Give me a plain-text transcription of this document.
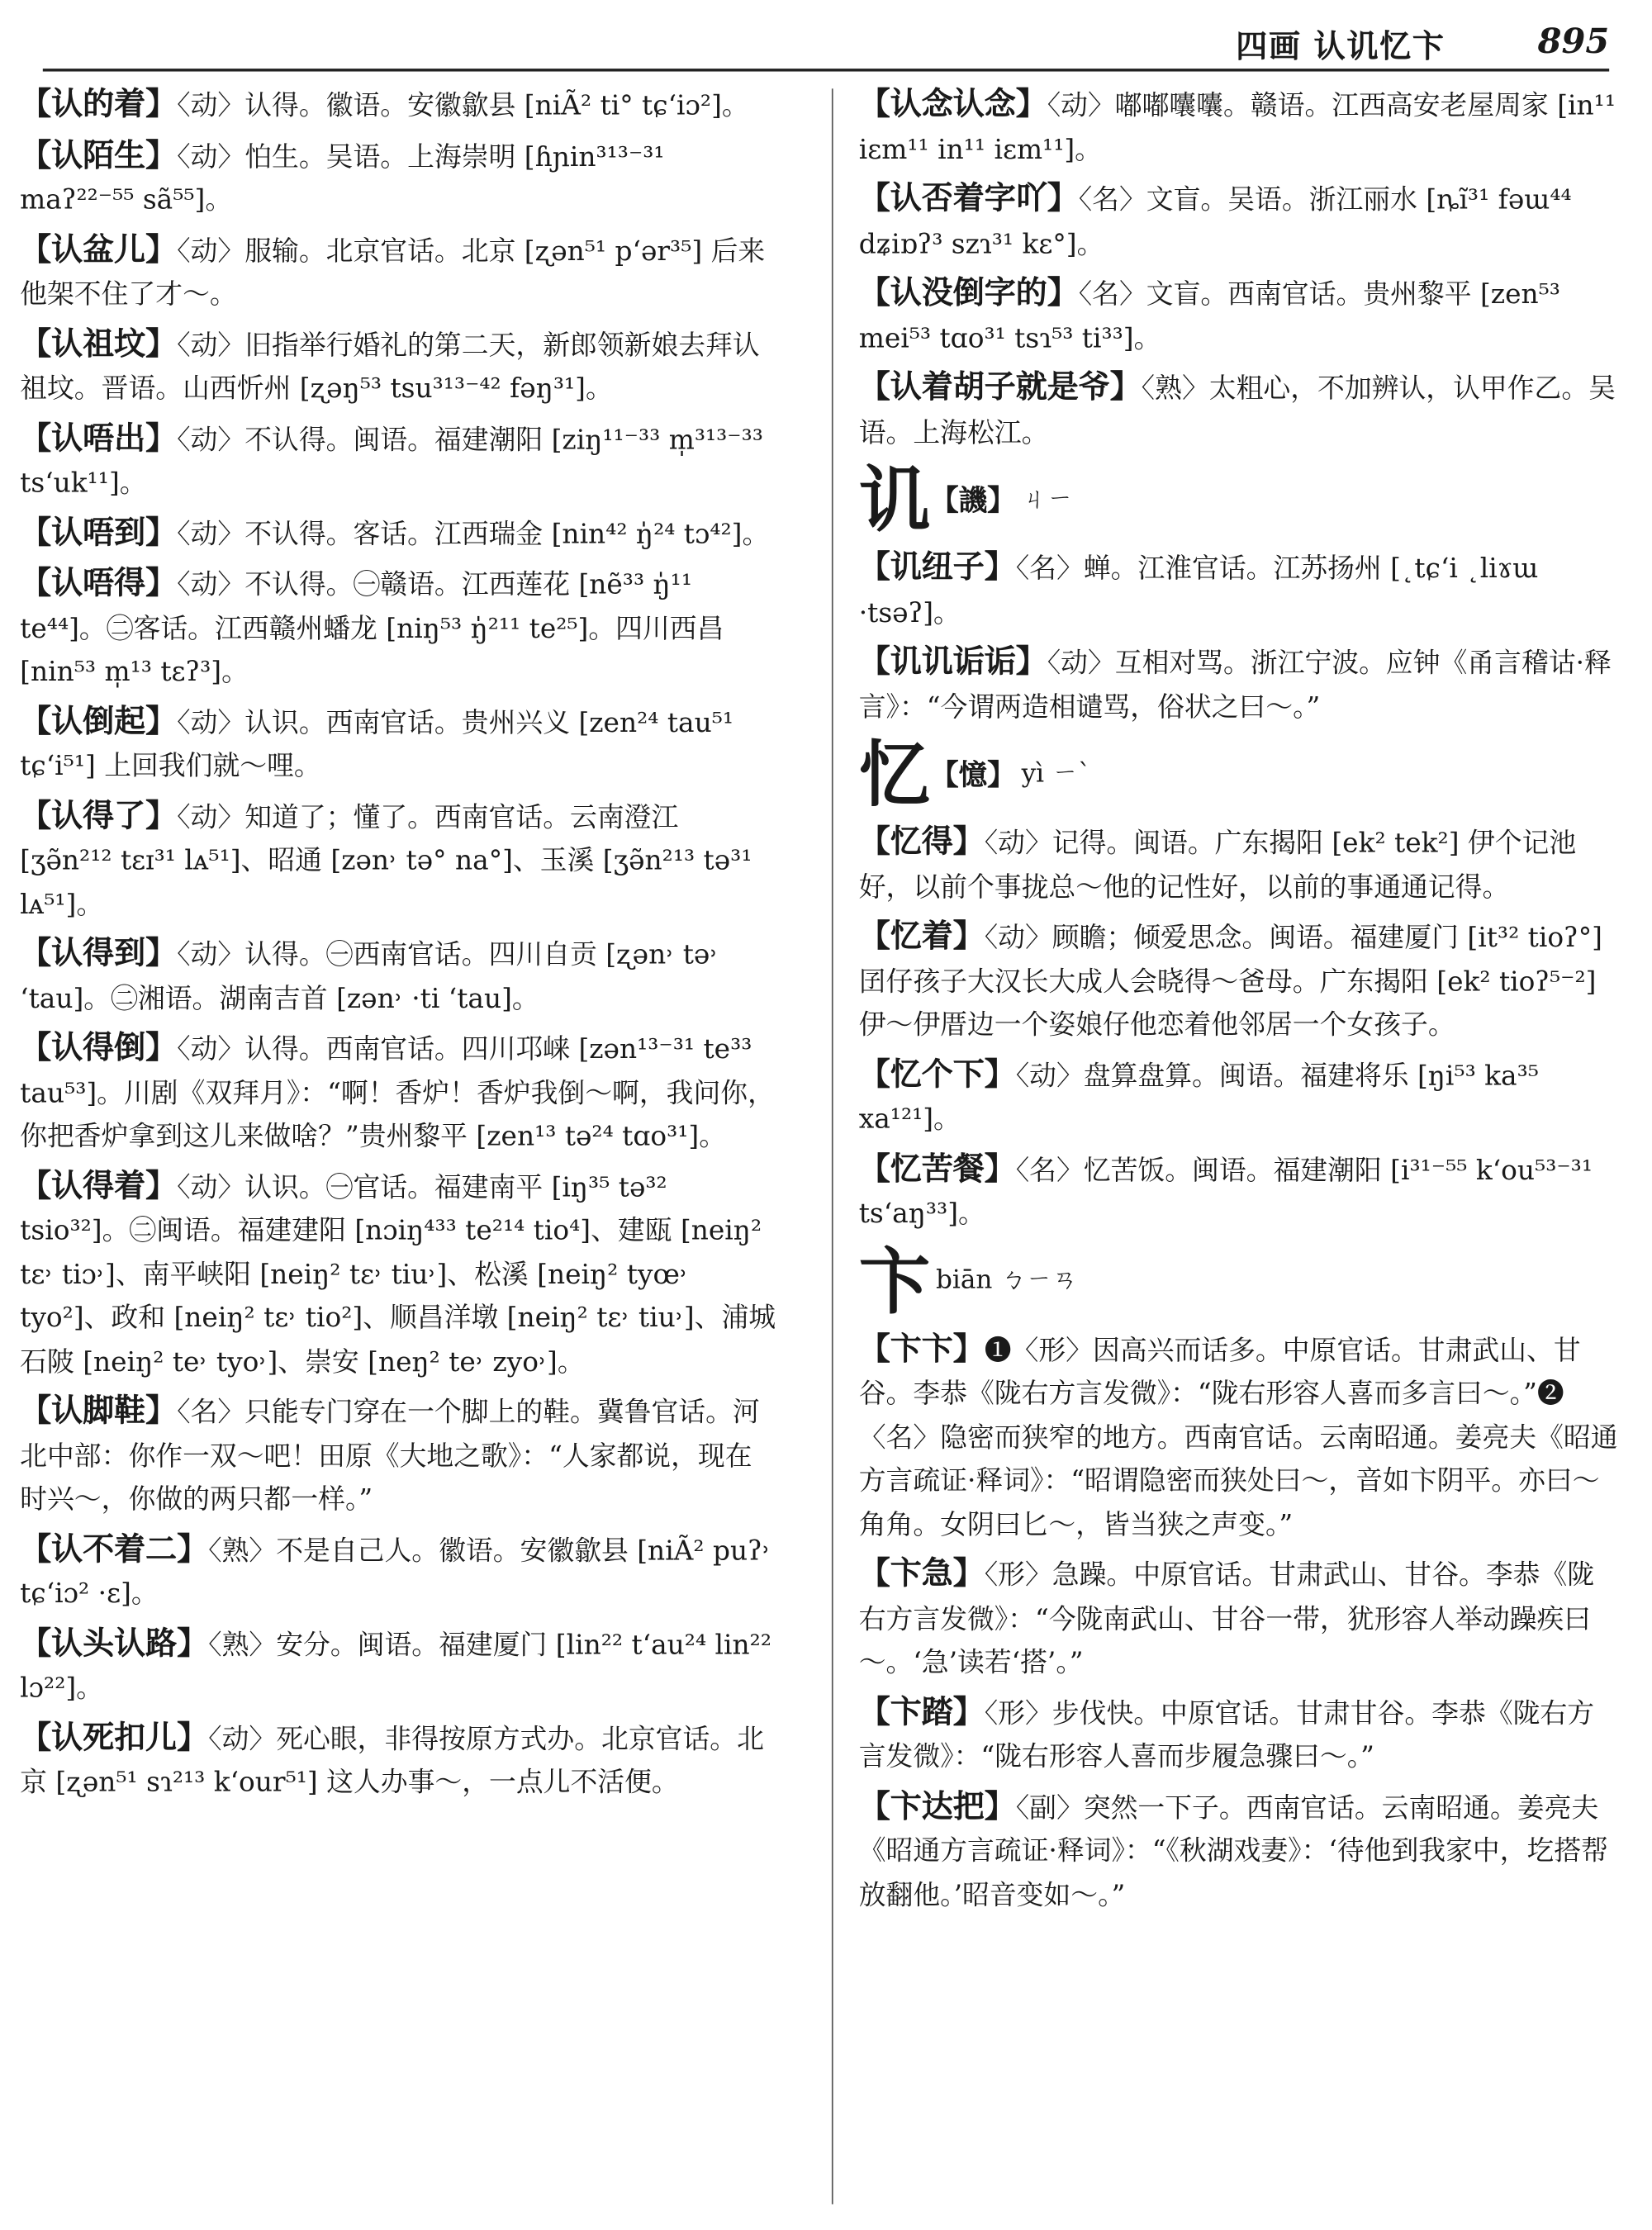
四画 认讥忆卞	895
【认的着】〈动〉认得。徽语。安徽歙县 [niÃ² ti° tɕ‘iɔ²]。
【认陌生】〈动〉怕生。吴语。上海崇明 [ɦɲin³¹³⁻³¹ maʔ²²⁻⁵⁵ sã⁵⁵]。
【认盆儿】〈动〉服输。北京官话。北京 [ʐən⁵¹ p‘ər³⁵] 后来他架不住了才～。
【认祖坟】〈动〉旧指举行婚礼的第二天，新郎领新娘去拜认祖坟。晋语。山西忻州 [ʐəŋ⁵³ tsu³¹³⁻⁴² fəŋ³¹]。
【认唔出】〈动〉不认得。闽语。福建潮阳 [ziŋ¹¹⁻³³ m̩³¹³⁻³³ ts‘uk¹¹]。
【认唔到】〈动〉不认得。客话。江西瑞金 [nin⁴² ŋ̍²⁴ tɔ⁴²]。
【认唔得】〈动〉不认得。㊀赣语。江西莲花 [nẽ³³ ŋ̍¹¹ te⁴⁴]。㊁客话。江西赣州蟠龙 [niŋ⁵³ ŋ̍²¹¹ te²⁵]。四川西昌 [nin⁵³ m̩¹³ tɛʔ³]。
【认倒起】〈动〉认识。西南官话。贵州兴义 [zen²⁴ tau⁵¹ tɕ‘i⁵¹] 上回我们就～哩。
【认得了】〈动〉知道了；懂了。西南官话。云南澄江 [ʒə̃n²¹² tɛɪ³¹ lᴀ⁵¹]、昭通 [zən˒ tə° na°]、玉溪 [ʒə̃n²¹³ tə³¹ lᴀ⁵¹]。
【认得到】〈动〉认得。㊀西南官话。四川自贡 [ʐən˒ tə˒ ‘tau]。㊁湘语。湖南吉首 [zən˒ ·ti ‘tau]。
【认得倒】〈动〉认得。西南官话。四川邛崃 [zən¹³⁻³¹ te³³ tau⁵³]。川剧《双拜月》：“啊！香炉！香炉我倒～啊，我问你，你把香炉拿到这儿来做啥？”贵州黎平 [zen¹³ tə²⁴ tɑo³¹]。
【认得着】〈动〉认识。㊀官话。福建南平 [iŋ³⁵ tə³² tsio³²]。㊁闽语。福建建阳 [nɔiŋ⁴³³ te²¹⁴ tio⁴]、建瓯 [neiŋ² tɛ˒ tiɔ˒]、南平峡阳 [neiŋ² tɛ˒ tiu˒]、松溪 [neiŋ² tyœ˒ tyo²]、政和 [neiŋ² tɛ˒ tio²]、顺昌洋墩 [neiŋ² tɛ˒ tiu˒]、浦城石陂 [neiŋ² te˒ tyo˒]、崇安 [neŋ² te˒ zyo˒]。
【认脚鞋】〈名〉只能专门穿在一个脚上的鞋。冀鲁官话。河北中部：你作一双～吧！田原《大地之歌》：“人家都说，现在时兴～，你做的两只都一样。”
【认不着二】〈熟〉不是自己人。徽语。安徽歙县 [niÃ² puʔ˒ tɕ‘iɔ² ·ɛ]。
【认头认路】〈熟〉安分。闽语。福建厦门 [lin²² t‘au²⁴ lin²² lɔ²²]。
【认死扣儿】〈动〉死心眼，非得按原方式办。北京官话。北京 [ʐən⁵¹ sɿ²¹³ k‘our⁵¹] 这人办事～，一点儿不活便。
【认念认念】〈动〉嘟嘟囔囔。赣语。江西高安老屋周家 [in¹¹ iɛm¹¹ in¹¹ iɛm¹¹]。
【认否着字吖】〈名〉文盲。吴语。浙江丽水 [ȵĩ³¹ fəɯ⁴⁴ dʑiɒʔ³ szɿ³¹ kɛ°]。
【认没倒字的】〈名〉文盲。西南官话。贵州黎平 [zen⁵³ mei⁵³ tɑo³¹ tsɿ⁵³ ti³³]。
【认着胡子就是爷】〈熟〉太粗心，不加辨认，认甲作乙。吴语。上海松江。
讥【譏】 ㄐㄧ
【讥纽子】〈名〉蝉。江淮官话。江苏扬州 [˛tɕ‘i ˛liɤɯ ·tsəʔ]。
【讥讥诟诟】〈动〉互相对骂。浙江宁波。应钟《甬言稽诂·释言》：“今谓两造相谴骂，俗状之曰～。”
忆【憶】 yì ㄧˋ
【忆得】〈动〉记得。闽语。广东揭阳 [ek² tek²] 伊个记池好，以前个事拢总～他的记性好，以前的事通通记得。
【忆着】〈动〉顾瞻；倾爱思念。闽语。福建厦门 [it³² tioʔ°] 囝仔孩子大汉长大成人会晓得～爸母。广东揭阳 [ek² tioʔ⁵⁻²] 伊～伊厝边一个姿娘仔他恋着他邻居一个女孩子。
【忆个下】〈动〉盘算盘算。闽语。福建将乐 [ŋi⁵³ ka³⁵ xa¹²¹]。
【忆苦餐】〈名〉忆苦饭。闽语。福建潮阳 [i³¹⁻⁵⁵ k‘ou⁵³⁻³¹ ts‘aŋ³³]。
卞biān ㄅㄧㄢ
【卞卞】❶〈形〉因高兴而话多。中原官话。甘肃武山、甘谷。李恭《陇右方言发微》：“陇右形容人喜而多言曰～。”❷〈名〉隐密而狭窄的地方。西南官话。云南昭通。姜亮夫《昭通方言疏证·释词》：“昭谓隐密而狭处曰～，音如卞阴平。亦曰～角角。女阴曰匕～，皆当狭之声变。”
【卞急】〈形〉急躁。中原官话。甘肃武山、甘谷。李恭《陇右方言发微》：“今陇南武山、甘谷一带，犹形容人举动躁疾曰～。‘急’读若‘搭’。”
【卞踏】〈形〉步伐快。中原官话。甘肃甘谷。李恭《陇右方言发微》：“陇右形容人喜而步履急骤曰～。”
【卞达把】〈副〉突然一下子。西南官话。云南昭通。姜亮夫《昭通方言疏证·释词》：“《秋湖戏妻》：‘待他到我家中，圪搭帮放翻他。’昭音变如～。”
